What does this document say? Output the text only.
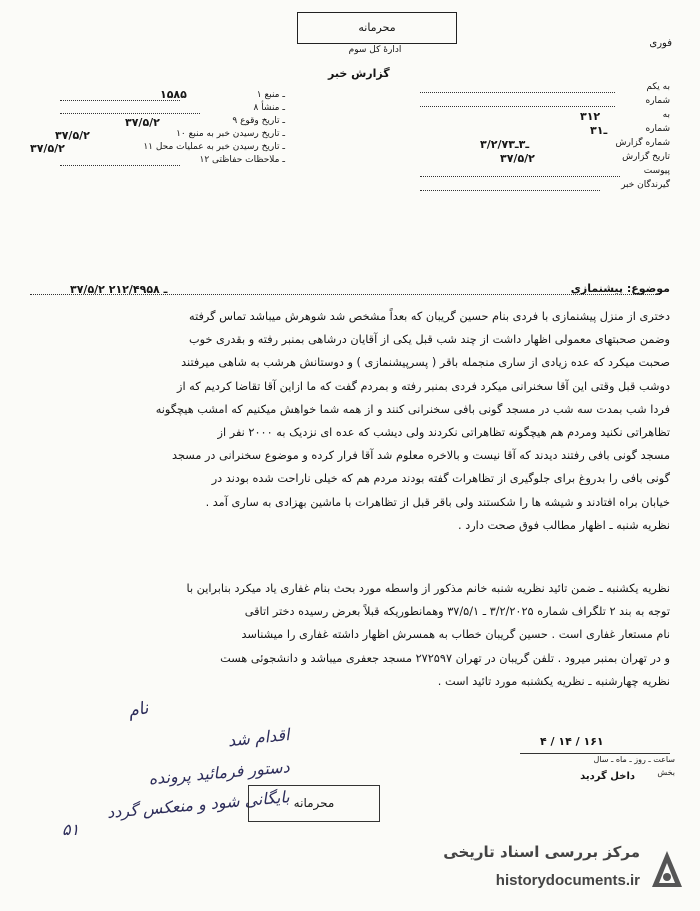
محرمانه
ادارهٔ کل سوم
فوری
گزارش خبر
۱۵۸۵	۱ ـ منبع
۸ ـ منشأ
۳۷/۵/۲	۹ ـ تاریخ وقوع
۳۷/۵/۲	۱۰ ـ تاریخ رسیدن خبر به منبع
۳۷/۵/۲	۱۱ ـ تاریخ رسیدن خبر به عملیات محل
۱۲ ـ ملاحظات حفاظتی
به یکم
شماره
۳۱۲	به
۳ـ۱	شماره
۳/۲/۷ـ۳ـ۳	شماره گزارش
۳۷/۵/۲	تاریخ گزارش
پیوست
گیرندگان خبر
۳۷/۵/۲ ـ ۲۱۲/۴۹۵۸	موضوع: پیشنمازی
دختری از منزل پیشنمازی با فردی بنام حسین گریبان که بعداً مشخص شد شوهرش میباشد تماس گرفته
وضمن صحبتهای معمولی اظهار داشت از چند شب قبل یکی از آقایان درشاهی بمنبر رفته و بقدری خوب
صحبت میکرد که عده زیادی از ساری منجمله باقر ( پسرپیشنمازی ) و دوستانش هرشب به شاهی میرفتند
دوشب قبل وقتی این آقا سخنرانی میکرد فردی بمنبر رفته و بمردم گفت که ما ازاین آقا تقاضا کردیم که از
فردا شب بمدت سه شب در مسجد گونی بافی سخنرانی کنند و از همه شما خواهش میکنیم که امشب هیچگونه
تظاهراتی نکنید ومردم هم هیچگونه تظاهراتی نکردند ولی دیشب که عده ای نزدیک به ۲۰۰۰ نفر از
مسجد گونی بافی رفتند دیدند که آقا نیست و بالاخره معلوم شد آقا فرار کرده و موضوع سخنرانی در مسجد
گونی بافی را بدروغ برای جلوگیری از تظاهرات گفته بودند مردم هم که خیلی ناراحت شده بودند در
خیابان براه افتادند و شیشه ها را شکستند ولی باقر قبل از تظاهرات با ماشین بهزادی به ساری آمد .
نظریه شنبه ـ اظهار مطالب فوق صحت دارد .
نظریه یکشنبه ـ ضمن تائید نظریه شنبه خانم مذکور از واسطه مورد بحث بنام غفاری یاد میکرد بنابراین با
توجه به بند ۲ تلگراف شماره ۳/۲/۲۰۲۵ ـ ۳۷/۵/۱ وهمانطوریکه قبلاً بعرض رسیده دختر اتاقی
نام مستعار غفاری است . حسین گریبان خطاب به همسرش اظهار داشته غفاری را میشناسد
و در تهران بمنبر میرود . تلفن گریبان در تهران ۲۷۲۵۹۷ مسجد جعفری میباشد و دانشجوئی هست
نظریه چهارشنبه ـ نظریه یکشنبه مورد تائید است .
نام
اقدام شد
دستور فرمائید پرونده
بایگانی شود و منعکس گردد
۵۱
محرمانه
۴ / ۱۴ / ۱۶۱
ساعت ـ روز ـ ماه ـ سال
بخش
داخل گردید
مرکز بررسی اسناد تاریخی
historydocuments.ir
